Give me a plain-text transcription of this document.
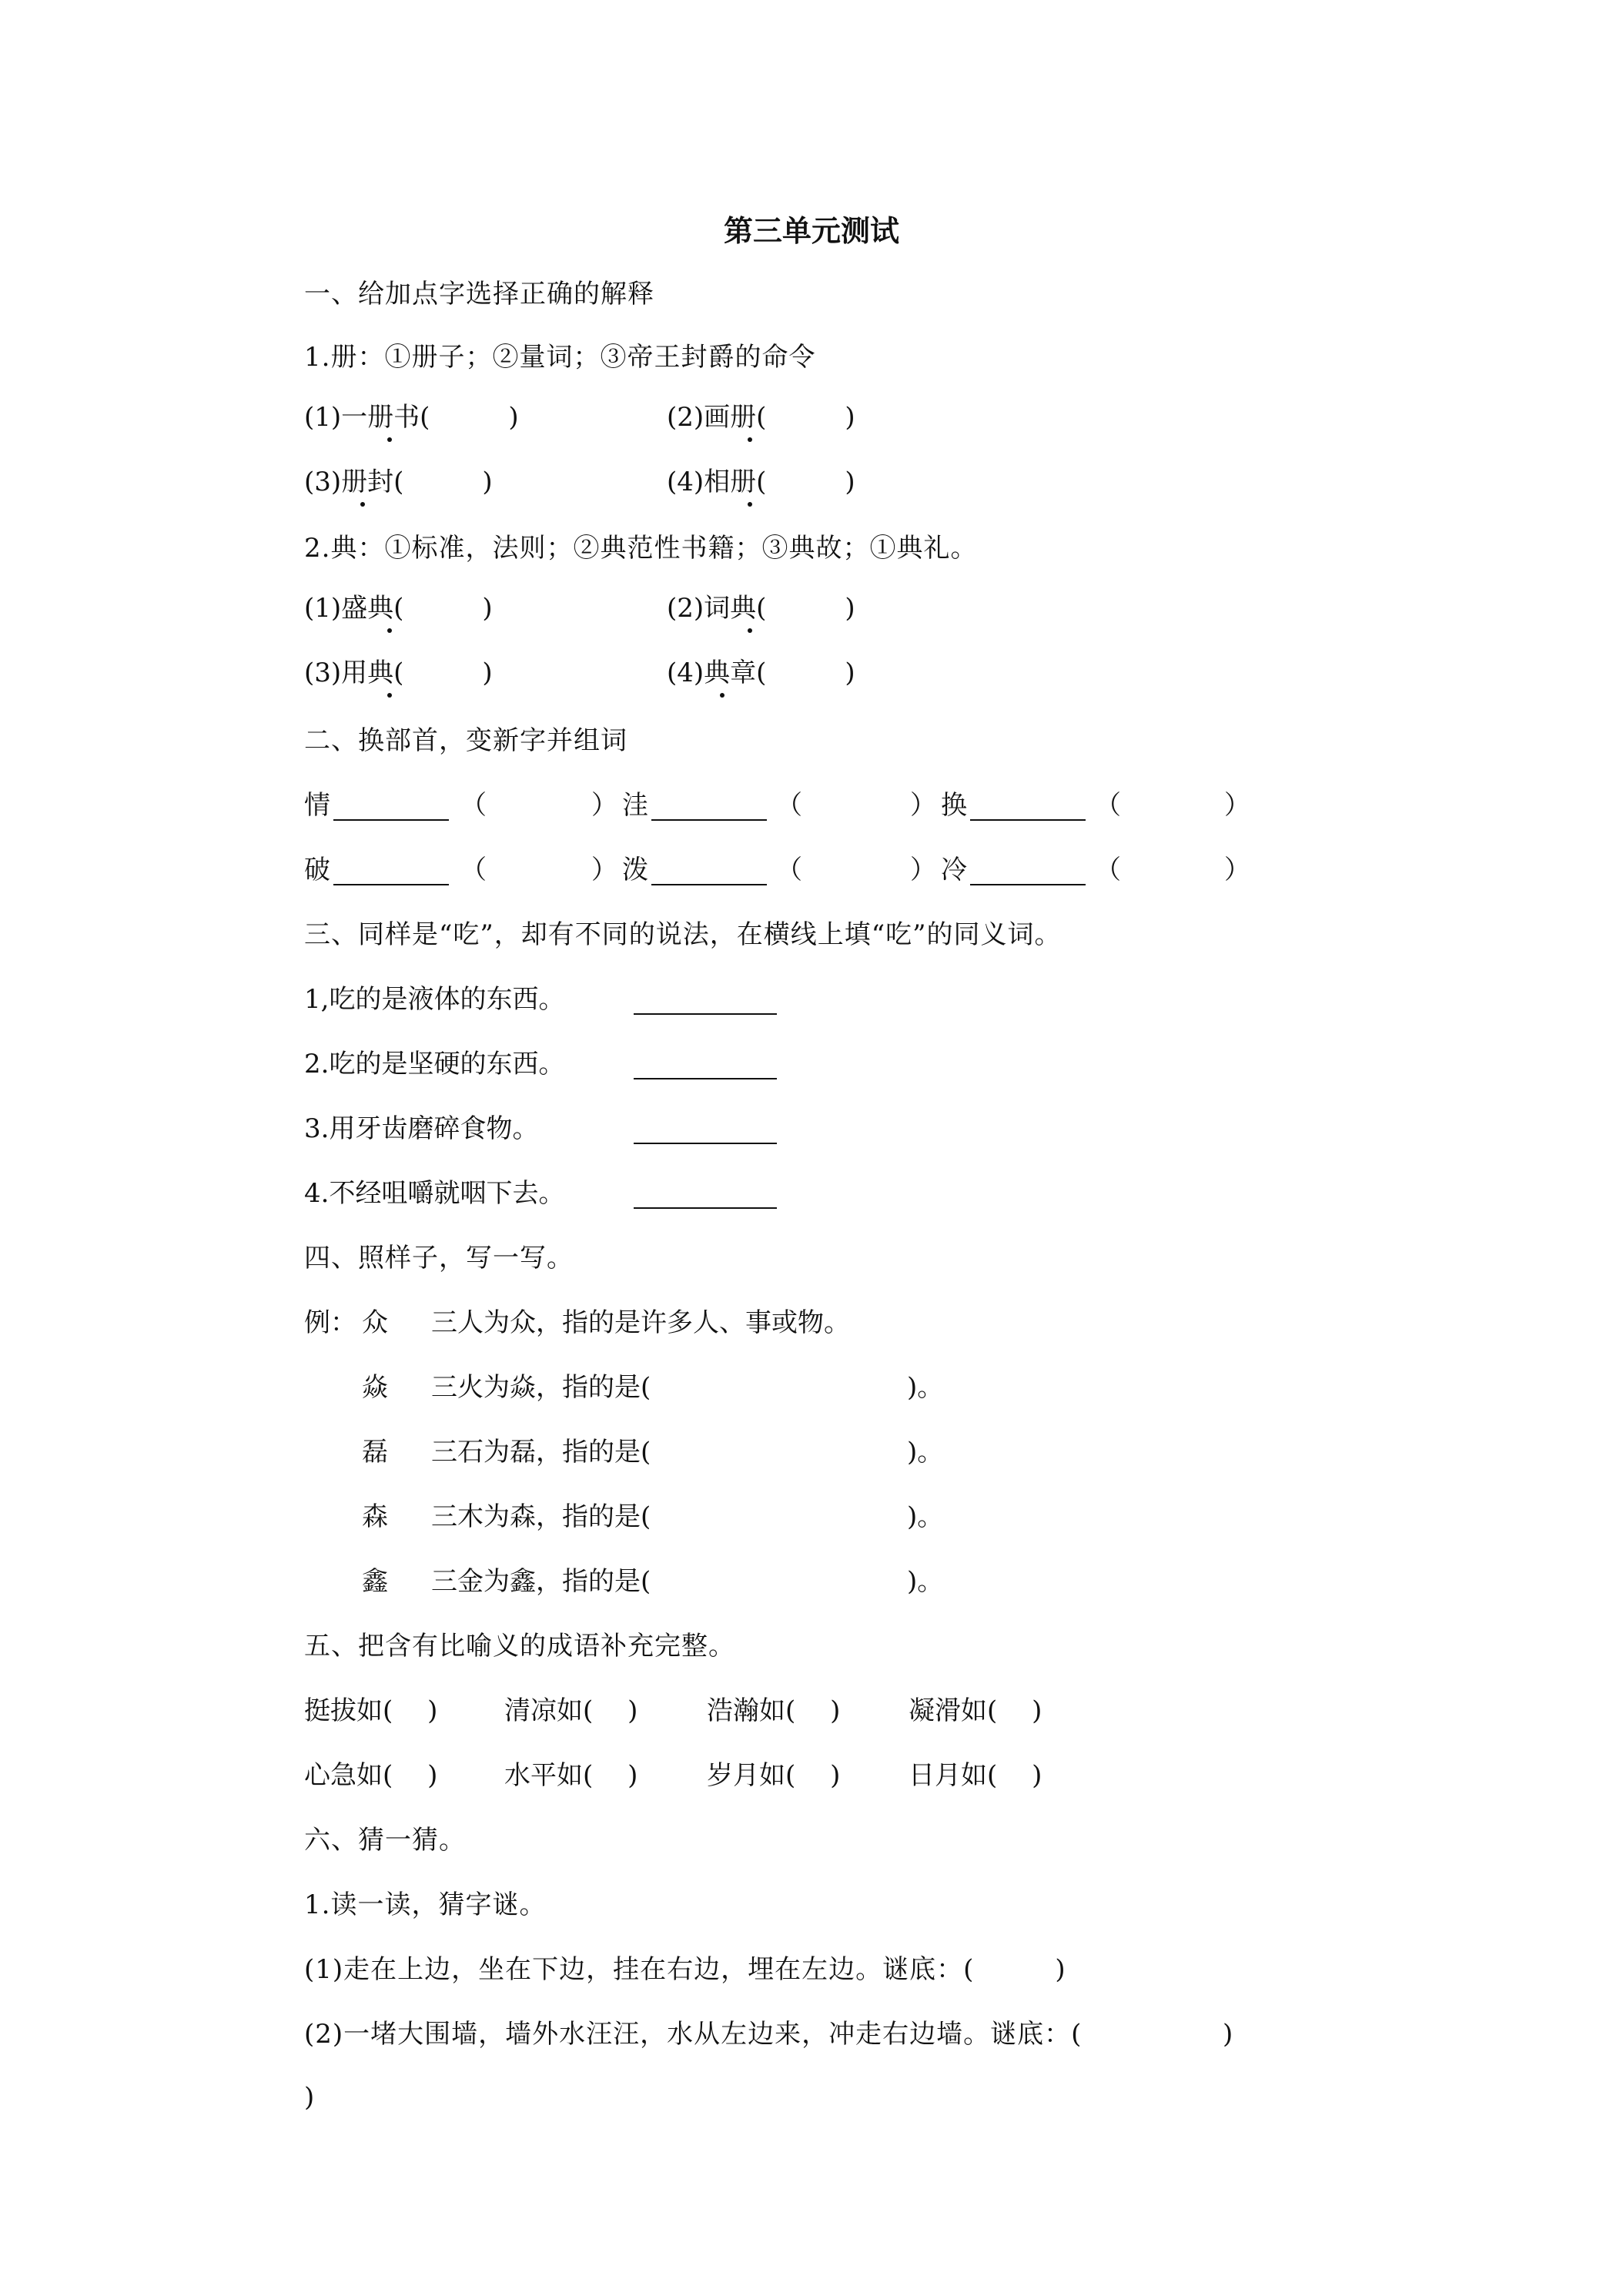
第三单元测试

一、给加点字选择正确的解释

1.册：①册子；②量词；③帝王封爵的命令

(1)一册书(　　　)	(2)画册(　　　)
(3)册封(　　　)	(4)相册(　　　)

2.典：①标准，法则；②典范性书籍；③典故；①典礼。

(1)盛典(　　　)	(2)词典(　　　)
(3)用典(　　　)	(4)典章(　　　)

二、换部首，变新字并组词

情	（	） 洼	（	） 换	（	）
破	（	） 泼	（	） 冷	（	）

三、同样是“吃”，却有不同的说法，在横线上填“吃”的同义词。

1,吃的是液体的东西。
2.吃的是坚硬的东西。
3.用牙齿磨碎食物。
4.不经咀嚼就咽下去。

四、照样子，写一写。

例： 众 三人为众，指的是许多人、事或物。
焱 三火为焱，指的是(	)。
磊 三石为磊，指的是(	)。
森 三木为森，指的是(	)。
鑫 三金为鑫，指的是(	)。

五、把含有比喻义的成语补充完整。

挺拔如(　 )	清凉如(　 )	浩瀚如(　 )	凝滑如(　 )
心急如(　 )	水平如(　 )	岁月如(　 )	日月如(　 )

六、猜一猜。

1.读一读，猜字谜。

(1)走在上边，坐在下边，挂在右边，埋在左边。谜底：(　　　)

(2)一堵大围墙，墙外水汪汪，水从左边来，冲走右边墙。谜底：(	)

)
